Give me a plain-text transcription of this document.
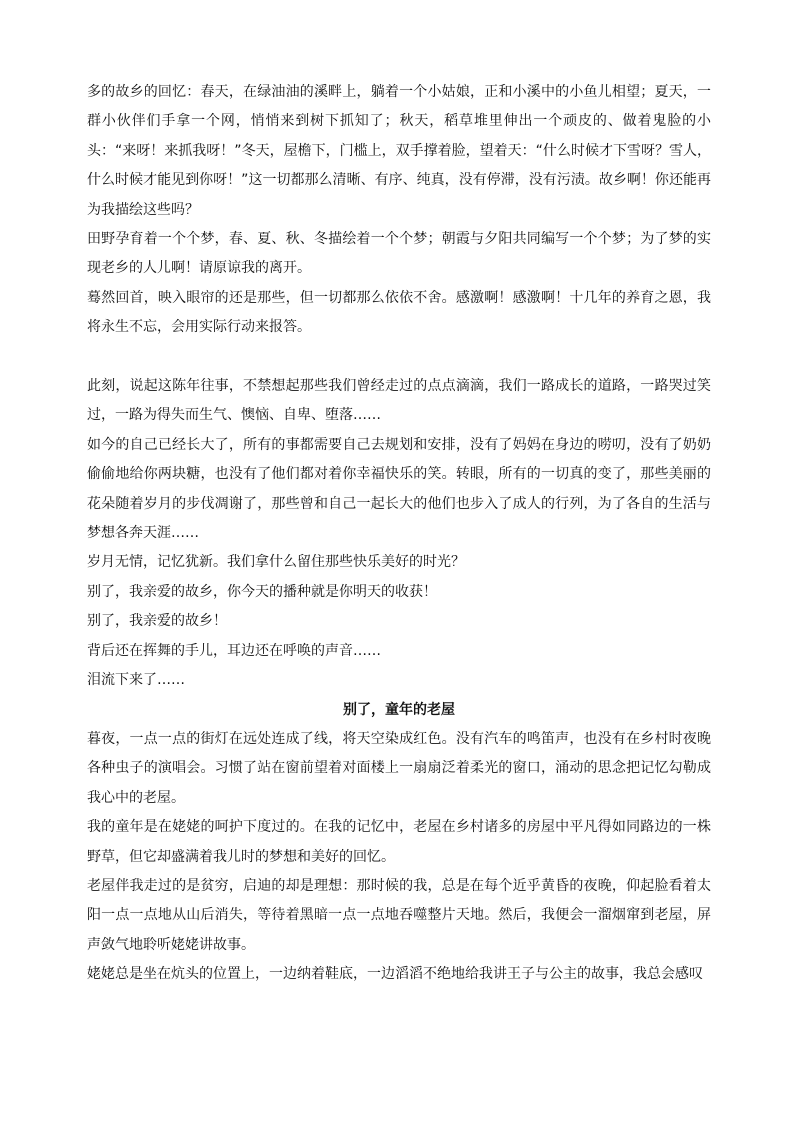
多的故乡的回忆：春天，在绿油油的溪畔上，躺着一个小姑娘，正和小溪中的小鱼儿相望；夏天，一群小伙伴们手拿一个网，悄悄来到树下抓知了；秋天，稻草堆里伸出一个顽皮的、做着鬼脸的小头：“来呀！来抓我呀！”冬天，屋檐下，门槛上，双手撑着脸，望着天：“什么时候才下雪呀？雪人，什么时候才能见到你呀！”这一切都那么清晰、有序、纯真，没有停滞，没有污渍。故乡啊！你还能再为我描绘这些吗？

田野孕育着一个个梦，春、夏、秋、冬描绘着一个个梦；朝霞与夕阳共同编写一个个梦；为了梦的实现老乡的人儿啊！请原谅我的离开。

蓦然回首，映入眼帘的还是那些，但一切都那么依依不舍。感激啊！感激啊！十几年的养育之恩，我将永生不忘，会用实际行动来报答。

此刻，说起这陈年往事，不禁想起那些我们曾经走过的点点滴滴，我们一路成长的道路，一路哭过笑过，一路为得失而生气、懊恼、自卑、堕落……

如今的自己已经长大了，所有的事都需要自己去规划和安排，没有了妈妈在身边的唠叨，没有了奶奶偷偷地给你两块糖，也没有了他们都对着你幸福快乐的笑。转眼，所有的一切真的变了，那些美丽的花朵随着岁月的步伐凋谢了，那些曾和自己一起长大的他们也步入了成人的行列，为了各自的生活与梦想各奔天涯……

岁月无情，记忆犹新。我们拿什么留住那些快乐美好的时光？

别了，我亲爱的故乡，你今天的播种就是你明天的收获！

别了，我亲爱的故乡！

背后还在挥舞的手儿，耳边还在呼唤的声音……

泪流下来了……

别了，童年的老屋

暮夜，一点一点的街灯在远处连成了线，将天空染成红色。没有汽车的鸣笛声，也没有在乡村时夜晚各种虫子的演唱会。习惯了站在窗前望着对面楼上一扇扇泛着柔光的窗口，涌动的思念把记忆勾勒成我心中的老屋。

我的童年是在姥姥的呵护下度过的。在我的记忆中，老屋在乡村诸多的房屋中平凡得如同路边的一株野草，但它却盛满着我儿时的梦想和美好的回忆。

老屋伴我走过的是贫穷，启迪的却是理想：那时候的我，总是在每个近乎黄昏的夜晚，仰起脸看着太阳一点一点地从山后消失，等待着黑暗一点一点地吞噬整片天地。然后，我便会一溜烟窜到老屋，屏声敛气地聆听姥姥讲故事。

姥姥总是坐在炕头的位置上，一边纳着鞋底，一边滔滔不绝地给我讲王子与公主的故事，我总会感叹
